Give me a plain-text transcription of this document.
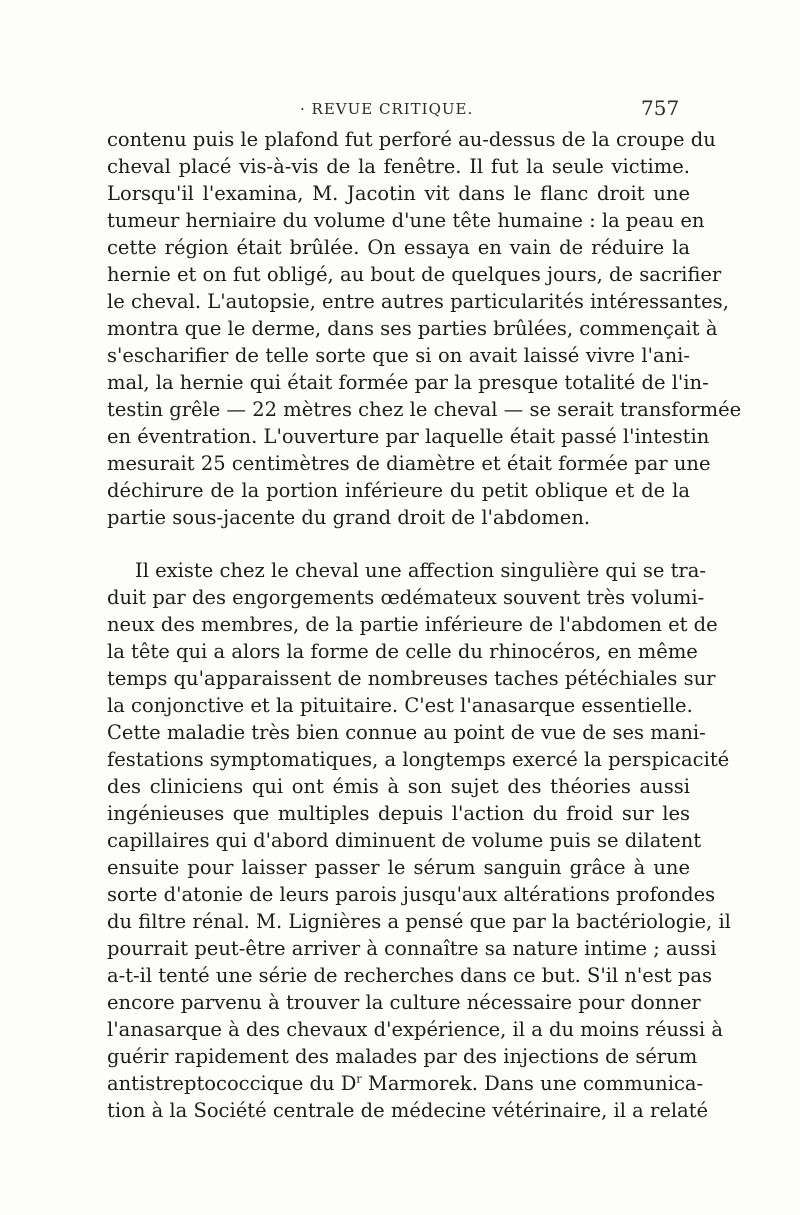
· REVUE CRITIQUE.	757
contenu puis le plafond fut perforé au-dessus de la croupe du
cheval placé vis-à-vis de la fenêtre. Il fut la seule victime.
Lorsqu'il l'examina, M. Jacotin vit dans le flanc droit une
tumeur herniaire du volume d'une tête humaine : la peau en
cette région était brûlée. On essaya en vain de réduire la
hernie et on fut obligé, au bout de quelques jours, de sacrifier
le cheval. L'autopsie, entre autres particularités intéressantes,
montra que le derme, dans ses parties brûlées, commençait à
s'escharifier de telle sorte que si on avait laissé vivre l'ani-
mal, la hernie qui était formée par la presque totalité de l'in-
testin grêle — 22 mètres chez le cheval — se serait transformée
en éventration. L'ouverture par laquelle était passé l'intestin
mesurait 25 centimètres de diamètre et était formée par une
déchirure de la portion inférieure du petit oblique et de la
partie sous-jacente du grand droit de l'abdomen.
Il existe chez le cheval une affection singulière qui se tra-
duit par des engorgements œdémateux souvent très volumi-
neux des membres, de la partie inférieure de l'abdomen et de
la tête qui a alors la forme de celle du rhinocéros, en même
temps qu'apparaissent de nombreuses taches pétéchiales sur
la conjonctive et la pituitaire. C'est l'anasarque essentielle.
Cette maladie très bien connue au point de vue de ses mani-
festations symptomatiques, a longtemps exercé la perspicacité
des cliniciens qui ont émis à son sujet des théories aussi
ingénieuses que multiples depuis l'action du froid sur les
capillaires qui d'abord diminuent de volume puis se dilatent
ensuite pour laisser passer le sérum sanguin grâce à une
sorte d'atonie de leurs parois jusqu'aux altérations profondes
du filtre rénal. M. Lignières a pensé que par la bactériologie, il
pourrait peut-être arriver à connaître sa nature intime ; aussi
a-t-il tenté une série de recherches dans ce but. S'il n'est pas
encore parvenu à trouver la culture nécessaire pour donner
l'anasarque à des chevaux d'expérience, il a du moins réussi à
guérir rapidement des malades par des injections de sérum
antistreptococcique du $D^r$ Marmorek. Dans une communica-
tion à la Société centrale de médecine vétérinaire, il a relaté
